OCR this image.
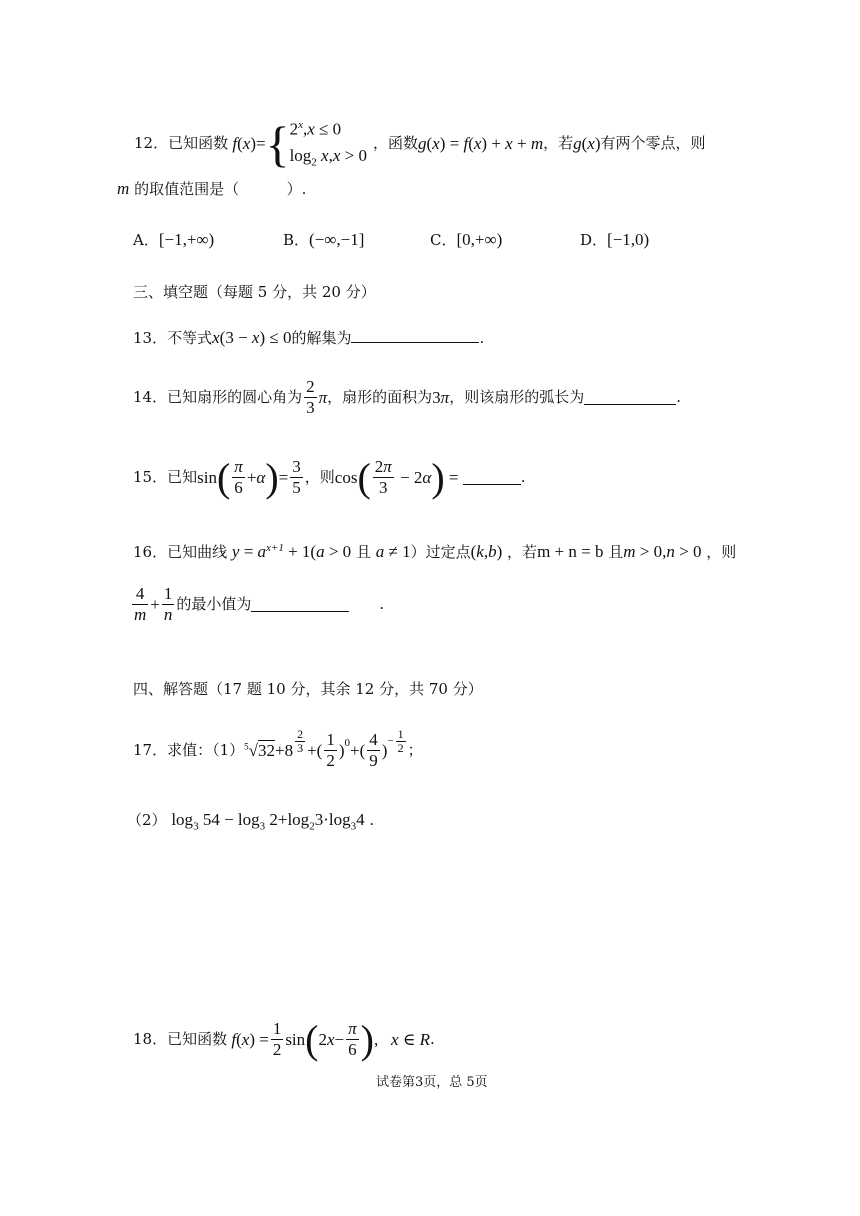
12． 已知函数 f ( x )= { $2^x,x \le 0$
$\log_2 x,x > 0$
，函数 g ( x ) = f ( x ) + x + m ，若 g ( x ) 有两个零点，则
m 的取值范围是（	）.
A．[−1,+∞)	B．(−∞,−1]	C．[0,+∞)	D．[−1,0)
三、填空题（每题 5 分，共 20 分）
13．不等式x(3 − x) ≤ 0的解集为	.
14． 已知扇形的圆心角为 $\frac{2}{3}$ π ，扇形的面积为 3 π ，则该扇形的弧长为	.
15． 已知 sin ( $\frac{\pi}{6} + \alpha$ ) = $\frac{3}{5}$ ，则 cos ( $\frac{2\pi}{3} - 2$ α ) =	.
16．已知曲线 $y = a^{x+1} + 1(a > 0$ 且 a ≠ 1）过定点(k,b) ，若m + n = b 且m > 0,n > 0 ，则
$\frac{4}{m} + \frac{1}{n}$ 的最小值为	.
四、解答题（17 题 10 分，其余 12 分，共 70 分）
17． 求值：（1） $^5√32 +8 \frac{2}{3}$ +( $\frac{1}{2} )^0$ +( $\frac{4}{9}$ ) − $\frac{1}{2}$ ；
（2） $\log_3 54 - \log_3 2+\log_23\cdot\log_34$ .
18． 已知函数 f ( x ) = $\frac{1}{2}$ sin ( 2 $x - \frac{\pi}{6}$ ) , x ∈ R .
试卷第3页，总 5页
